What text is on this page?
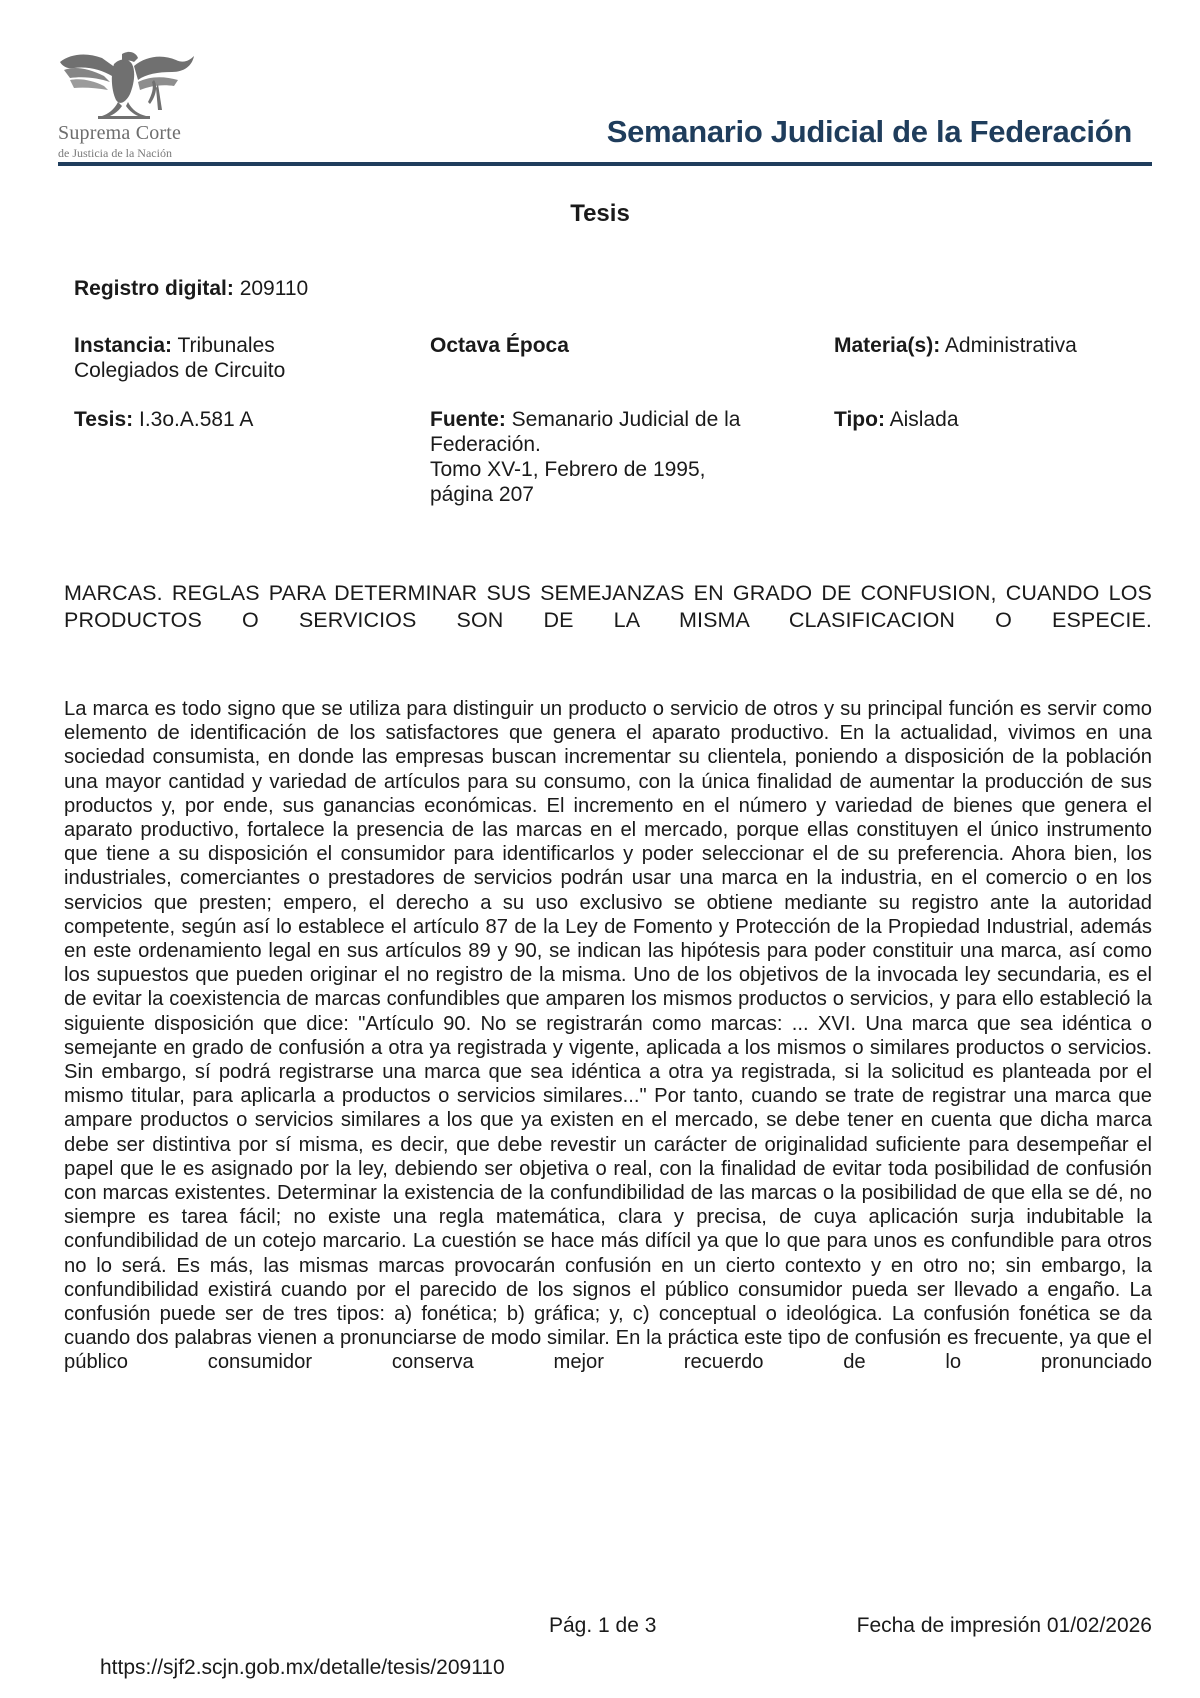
Suprema Corte
de Justicia de la Nación
Semanario Judicial de la Federación
Tesis
Registro digital: 209110
Instancia: Tribunales Colegiados de Circuito
Octava Época	Materia(s): Administrativa
Tesis: I.3o.A.581 A	Fuente: Semanario Judicial de la Federación.
Tomo XV-1, Febrero de 1995,
página 207
Tipo: Aislada
MARCAS. REGLAS PARA DETERMINAR SUS SEMEJANZAS EN GRADO DE CONFUSION, CUANDO LOS PRODUCTOS O SERVICIOS SON DE LA MISMA CLASIFICACION O ESPECIE.
La marca es todo signo que se utiliza para distinguir un producto o servicio de otros y su principal función es servir como elemento de identificación de los satisfactores que genera el aparato productivo. En la actualidad, vivimos en una sociedad consumista, en donde las empresas buscan incrementar su clientela, poniendo a disposición de la población una mayor cantidad y variedad de artículos para su consumo, con la única finalidad de aumentar la producción de sus productos y, por ende, sus ganancias económicas. El incremento en el número y variedad de bienes que genera el aparato productivo, fortalece la presencia de las marcas en el mercado, porque ellas constituyen el único instrumento que tiene a su disposición el consumidor para identificarlos y poder seleccionar el de su preferencia. Ahora bien, los industriales, comerciantes o prestadores de servicios podrán usar una marca en la industria, en el comercio o en los servicios que presten; empero, el derecho a su uso exclusivo se obtiene mediante su registro ante la autoridad competente, según así lo establece el artículo 87 de la Ley de Fomento y Protección de la Propiedad Industrial, además en este ordenamiento legal en sus artículos 89 y 90, se indican las hipótesis para poder constituir una marca, así como los supuestos que pueden originar el no registro de la misma. Uno de los objetivos de la invocada ley secundaria, es el de evitar la coexistencia de marcas confundibles que amparen los mismos productos o servicios, y para ello estableció la siguiente disposición que dice: "Artículo 90. No se registrarán como marcas: ... XVI. Una marca que sea idéntica o semejante en grado de confusión a otra ya registrada y vigente, aplicada a los mismos o similares productos o servicios. Sin embargo, sí podrá registrarse una marca que sea idéntica a otra ya registrada, si la solicitud es planteada por el mismo titular, para aplicarla a productos o servicios similares..." Por tanto, cuando se trate de registrar una marca que ampare productos o servicios similares a los que ya existen en el mercado, se debe tener en cuenta que dicha marca debe ser distintiva por sí misma, es decir, que debe revestir un carácter de originalidad suficiente para desempeñar el papel que le es asignado por la ley, debiendo ser objetiva o real, con la finalidad de evitar toda posibilidad de confusión con marcas existentes. Determinar la existencia de la confundibilidad de las marcas o la posibilidad de que ella se dé, no siempre es tarea fácil; no existe una regla matemática, clara y precisa, de cuya aplicación surja indubitable la confundibilidad de un cotejo marcario. La cuestión se hace más difícil ya que lo que para unos es confundible para otros no lo será. Es más, las mismas marcas provocarán confusión en un cierto contexto y en otro no; sin embargo, la confundibilidad existirá cuando por el parecido de los signos el público consumidor pueda ser llevado a engaño. La confusión puede ser de tres tipos: a) fonética; b) gráfica; y, c) conceptual o ideológica. La confusión fonética se da cuando dos palabras vienen a pronunciarse de modo similar. En la práctica este tipo de confusión es frecuente, ya que el público consumidor conserva mejor recuerdo de lo pronunciado
Pág. 1 de 3	Fecha de impresión 01/02/2026
https://sjf2.scjn.gob.mx/detalle/tesis/209110
